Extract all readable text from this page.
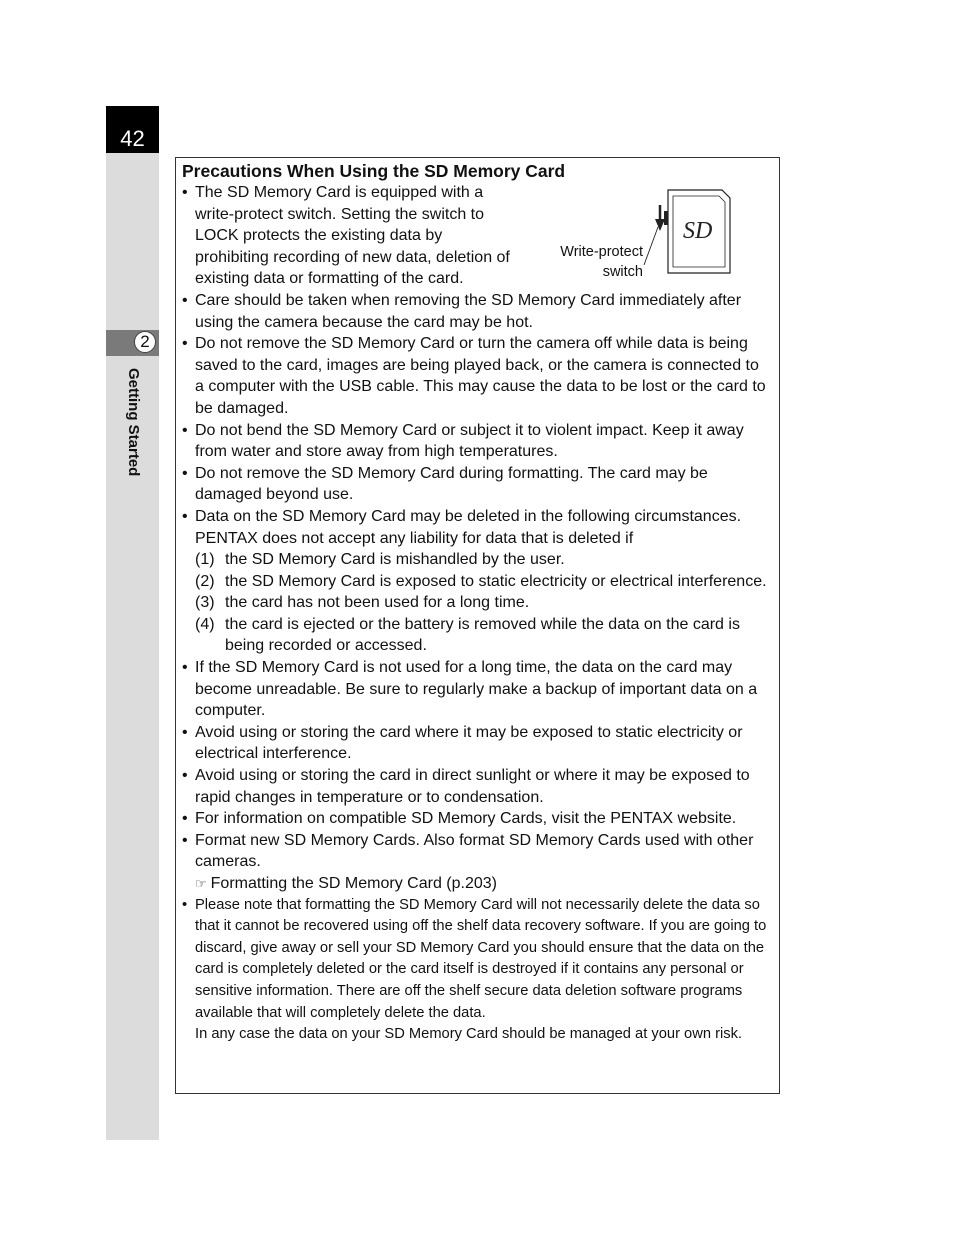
42
2
Getting Started
Precautions When Using the SD Memory Card
SD
Write-protect
switch
• The SD Memory Card is equipped with a write-protect switch. Setting the switch to LOCK protects the existing data by prohibiting recording of new data, deletion of existing data or formatting of the card.
• Care should be taken when removing the SD Memory Card immediately after using the camera because the card may be hot.
• Do not remove the SD Memory Card or turn the camera off while data is being saved to the card, images are being played back, or the camera is connected to a computer with the USB cable. This may cause the data to be lost or the card to be damaged.
• Do not bend the SD Memory Card or subject it to violent impact. Keep it away from water and store away from high temperatures.
• Do not remove the SD Memory Card during formatting. The card may be damaged beyond use.
• Data on the SD Memory Card may be deleted in the following circumstances. PENTAX does not accept any liability for data that is deleted if
(1) the SD Memory Card is mishandled by the user.
(2) the SD Memory Card is exposed to static electricity or electrical interference.
(3) the card has not been used for a long time.
(4) the card is ejected or the battery is removed while the data on the card is being recorded or accessed.
• If the SD Memory Card is not used for a long time, the data on the card may become unreadable. Be sure to regularly make a backup of important data on a computer.
• Avoid using or storing the card where it may be exposed to static electricity or electrical interference.
• Avoid using or storing the card in direct sunlight or where it may be exposed to rapid changes in temperature or to condensation.
• For information on compatible SD Memory Cards, visit the PENTAX website.
• Format new SD Memory Cards. Also format SD Memory Cards used with other cameras.
☞ Formatting the SD Memory Card (p.203)
• Please note that formatting the SD Memory Card will not necessarily delete the data so that it cannot be recovered using off the shelf data recovery software. If you are going to discard, give away or sell your SD Memory Card you should ensure that the data on the card is completely deleted or the card itself is destroyed if it contains any personal or sensitive information. There are off the shelf secure data deletion software programs available that will completely delete the data.
In any case the data on your SD Memory Card should be managed at your own risk.
